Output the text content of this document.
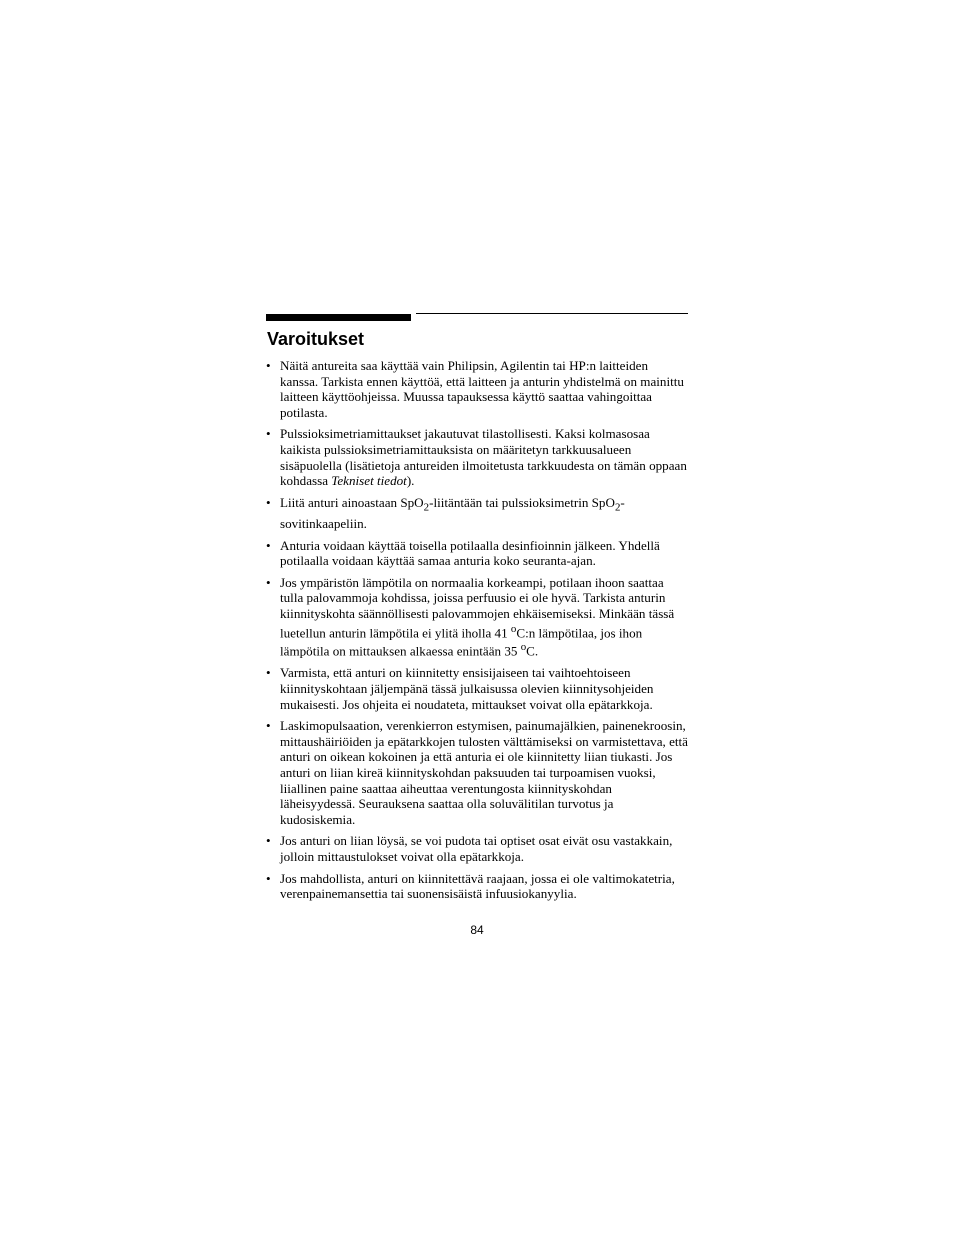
Varoitukset
• Näitä antureita saa käyttää vain Philipsin, Agilentin tai HP:n laitteiden kanssa. Tarkista ennen käyttöä, että laitteen ja anturin yhdistelmä on mainittu laitteen käyttöohjeissa. Muussa tapauksessa käyttö saattaa vahingoittaa potilasta.
• Pulssioksimetriamittaukset jakautuvat tilastollisesti. Kaksi kolmasosaa kaikista pulssioksimetriamittauksista on määritetyn tarkkuusalueen sisäpuolella (lisätietoja antureiden ilmoitetusta tarkkuudesta on tämän oppaan kohdassa Tekniset tiedot).
• Liitä anturi ainoastaan SpO$_2$-liitäntään tai pulssioksimetrin SpO$_2$-sovitinkaapeliin.
• Anturia voidaan käyttää toisella potilaalla desinfioinnin jälkeen. Yhdellä potilaalla voidaan käyttää samaa anturia koko seuranta-ajan.
• Jos ympäristön lämpötila on normaalia korkeampi, potilaan ihoon saattaa tulla palovammoja kohdissa, joissa perfuusio ei ole hyvä. Tarkista anturin kiinnityskohta säännöllisesti palovammojen ehkäisemiseksi. Minkään tässä luetellun anturin lämpötila ei ylitä iholla 41 $^o$C:n lämpötilaa, jos ihon lämpötila on mittauksen alkaessa enintään 35 $^o$C.
• Varmista, että anturi on kiinnitetty ensisijaiseen tai vaihtoehtoiseen kiinnityskohtaan jäljempänä tässä julkaisussa olevien kiinnitysohjeiden mukaisesti. Jos ohjeita ei noudateta, mittaukset voivat olla epätarkkoja.
• Laskimopulsaation, verenkierron estymisen, painumajälkien, painenekroosin, mittaushäiriöiden ja epätarkkojen tulosten välttämiseksi on varmistettava, että anturi on oikean kokoinen ja että anturia ei ole kiinnitetty liian tiukasti. Jos anturi on liian kireä kiinnityskohdan paksuuden tai turpoamisen vuoksi, liiallinen paine saattaa aiheuttaa verentungosta kiinnityskohdan läheisyydessä. Seurauksena saattaa olla soluvälitilan turvotus ja kudosiskemia.
• Jos anturi on liian löysä, se voi pudota tai optiset osat eivät osu vastakkain, jolloin mittaustulokset voivat olla epätarkkoja.
• Jos mahdollista, anturi on kiinnitettävä raajaan, jossa ei ole valtimokatetria, verenpainemansettia tai suonensisäistä infuusiokanyylia.
84
